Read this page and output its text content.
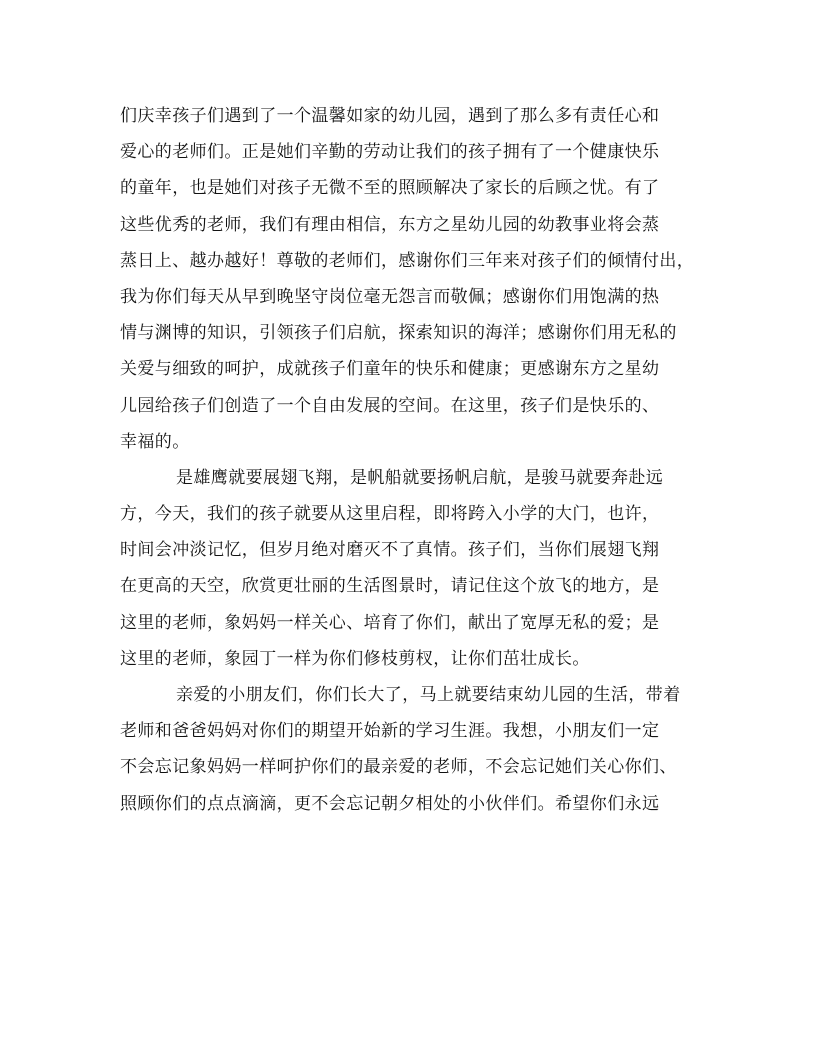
们庆幸孩子们遇到了一个温馨如家的幼儿园，遇到了那么多有责任心和
爱心的老师们。正是她们辛勤的劳动让我们的孩子拥有了一个健康快乐
的童年，也是她们对孩子无微不至的照顾解决了家长的后顾之忧。有了
这些优秀的老师，我们有理由相信，东方之星幼儿园的幼教事业将会蒸
蒸日上、越办越好！尊敬的老师们，感谢你们三年来对孩子们的倾情付出，
我为你们每天从早到晚坚守岗位毫无怨言而敬佩；感谢你们用饱满的热
情与渊博的知识，引领孩子们启航，探索知识的海洋；感谢你们用无私的
关爱与细致的呵护，成就孩子们童年的快乐和健康；更感谢东方之星幼
儿园给孩子们创造了一个自由发展的空间。在这里，孩子们是快乐的、
幸福的。

是雄鹰就要展翅飞翔，是帆船就要扬帆启航，是骏马就要奔赴远
方，今天，我们的孩子就要从这里启程，即将跨入小学的大门，也许，
时间会冲淡记忆，但岁月绝对磨灭不了真情。孩子们，当你们展翅飞翔
在更高的天空，欣赏更壮丽的生活图景时，请记住这个放飞的地方，是
这里的老师，象妈妈一样关心、培育了你们，献出了宽厚无私的爱；是
这里的老师，象园丁一样为你们修枝剪杈，让你们茁壮成长。

亲爱的小朋友们，你们长大了，马上就要结束幼儿园的生活，带着
老师和爸爸妈妈对你们的期望开始新的学习生涯。我想，小朋友们一定
不会忘记象妈妈一样呵护你们的最亲爱的老师，不会忘记她们关心你们、
照顾你们的点点滴滴，更不会忘记朝夕相处的小伙伴们。希望你们永远
